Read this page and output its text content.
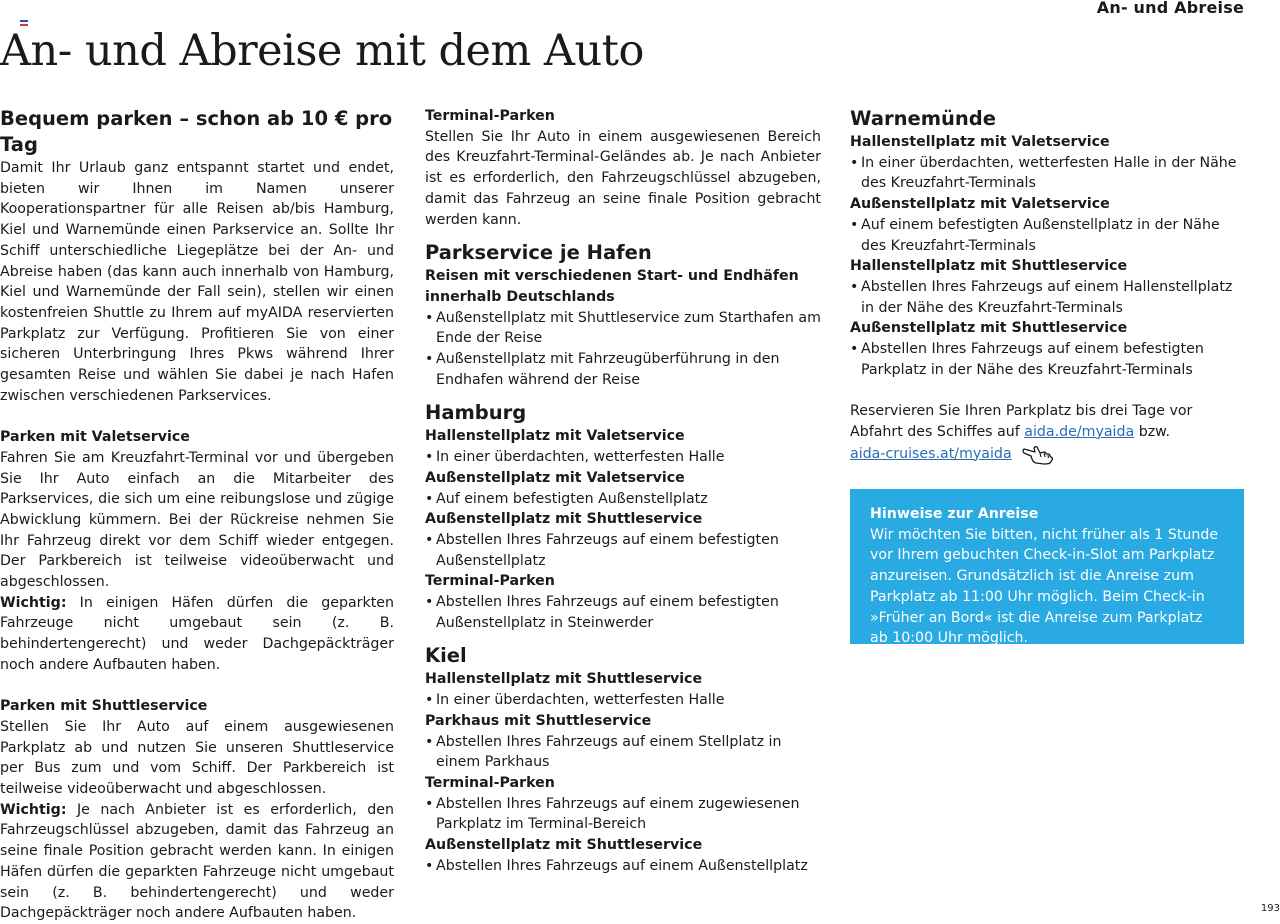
An- und Abreise
An- und Abreise mit dem Auto

Bequem parken – schon ab 10 € pro Tag

Damit Ihr Urlaub ganz entspannt startet und endet, bieten wir Ihnen im Namen unserer Kooperationspartner für alle Reisen ab/bis Hamburg, Kiel und Warnemünde einen Parkservice an. Sollte Ihr Schiff unterschiedliche Liegeplätze bei der An- und Abreise haben (das kann auch innerhalb von Hamburg, Kiel und Warnemünde der Fall sein), stellen wir einen kostenfreien Shuttle zu Ihrem auf myAIDA reservierten Parkplatz zur Verfügung. Profitieren Sie von einer sicheren Unterbringung Ihres Pkws während Ihrer gesamten Reise und wählen Sie dabei je nach Hafen zwischen verschiedenen Parkservices.

Parken mit Valetservice

Fahren Sie am Kreuzfahrt-Terminal vor und übergeben Sie Ihr Auto einfach an die Mitarbeiter des Parkservices, die sich um eine reibungslose und zügige Abwicklung kümmern. Bei der Rückreise nehmen Sie Ihr Fahrzeug direkt vor dem Schiff wieder entgegen. Der Parkbereich ist teilweise videoüberwacht und abgeschlossen.

Wichtig: In einigen Häfen dürfen die geparkten Fahrzeuge nicht umgebaut sein (z. B. behindertengerecht) und weder Dachgepäckträger noch andere Aufbauten haben.

Parken mit Shuttleservice

Stellen Sie Ihr Auto auf einem ausgewiesenen Parkplatz ab und nutzen Sie unseren Shuttleservice per Bus zum und vom Schiff. Der Parkbereich ist teilweise videoüberwacht und abgeschlossen.

Wichtig: Je nach Anbieter ist es erforderlich, den Fahrzeugschlüssel abzugeben, damit das Fahrzeug an seine finale Position gebracht werden kann. In einigen Häfen dürfen die geparkten Fahrzeuge nicht umgebaut sein (z. B. behindertengerecht) und weder Dachgepäckträger noch andere Aufbauten haben.

Terminal-Parken

Stellen Sie Ihr Auto in einem ausgewiesenen Bereich des Kreuzfahrt-Terminal-Geländes ab. Je nach Anbieter ist es erforderlich, den Fahrzeugschlüssel abzugeben, damit das Fahrzeug an seine finale Position gebracht werden kann.

Parkservice je Hafen

Reisen mit verschiedenen Start- und Endhäfen innerhalb Deutschlands

• Außenstellplatz mit Shuttleservice zum Starthafen am Ende der Reise
• Außenstellplatz mit Fahrzeugüberführung in den Endhafen während der Reise

Hamburg

Hallenstellplatz mit Valetservice

• In einer überdachten, wetterfesten Halle

Außenstellplatz mit Valetservice

• Auf einem befestigten Außenstellplatz

Außenstellplatz mit Shuttleservice

• Abstellen Ihres Fahrzeugs auf einem befestigten Außenstellplatz

Terminal-Parken

• Abstellen Ihres Fahrzeugs auf einem befestigten Außenstellplatz in Steinwerder

Kiel

Hallenstellplatz mit Shuttleservice

• In einer überdachten, wetterfesten Halle

Parkhaus mit Shuttleservice

• Abstellen Ihres Fahrzeugs auf einem Stellplatz in einem Parkhaus

Terminal-Parken

• Abstellen Ihres Fahrzeugs auf einem zugewiesenen Parkplatz im Terminal-Bereich

Außenstellplatz mit Shuttleservice

• Abstellen Ihres Fahrzeugs auf einem Außenstellplatz

Warnemünde

Hallenstellplatz mit Valetservice

• In einer überdachten, wetterfesten Halle in der Nähe des Kreuzfahrt-Terminals

Außenstellplatz mit Valetservice

• Auf einem befestigten Außenstellplatz in der Nähe des Kreuzfahrt-Terminals

Hallenstellplatz mit Shuttleservice

• Abstellen Ihres Fahrzeugs auf einem Hallenstellplatz in der Nähe des Kreuzfahrt-Terminals

Außenstellplatz mit Shuttleservice

• Abstellen Ihres Fahrzeugs auf einem befestigten Parkplatz in der Nähe des Kreuzfahrt-Terminals

Reservieren Sie Ihren Parkplatz bis drei Tage vor Abfahrt des Schiffes auf aida.de/myaida bzw.
aida-cruises.at/myaida

Hinweise zur Anreise
Wir möchten Sie bitten, nicht früher als 1 Stunde vor Ihrem gebuchten Check-in-Slot am Parkplatz anzureisen. Grundsätzlich ist die Anreise zum Parkplatz ab 11:00 Uhr möglich. Beim Check-in »Früher an Bord« ist die Anreise zum Parkplatz ab 10:00 Uhr möglich.
193
